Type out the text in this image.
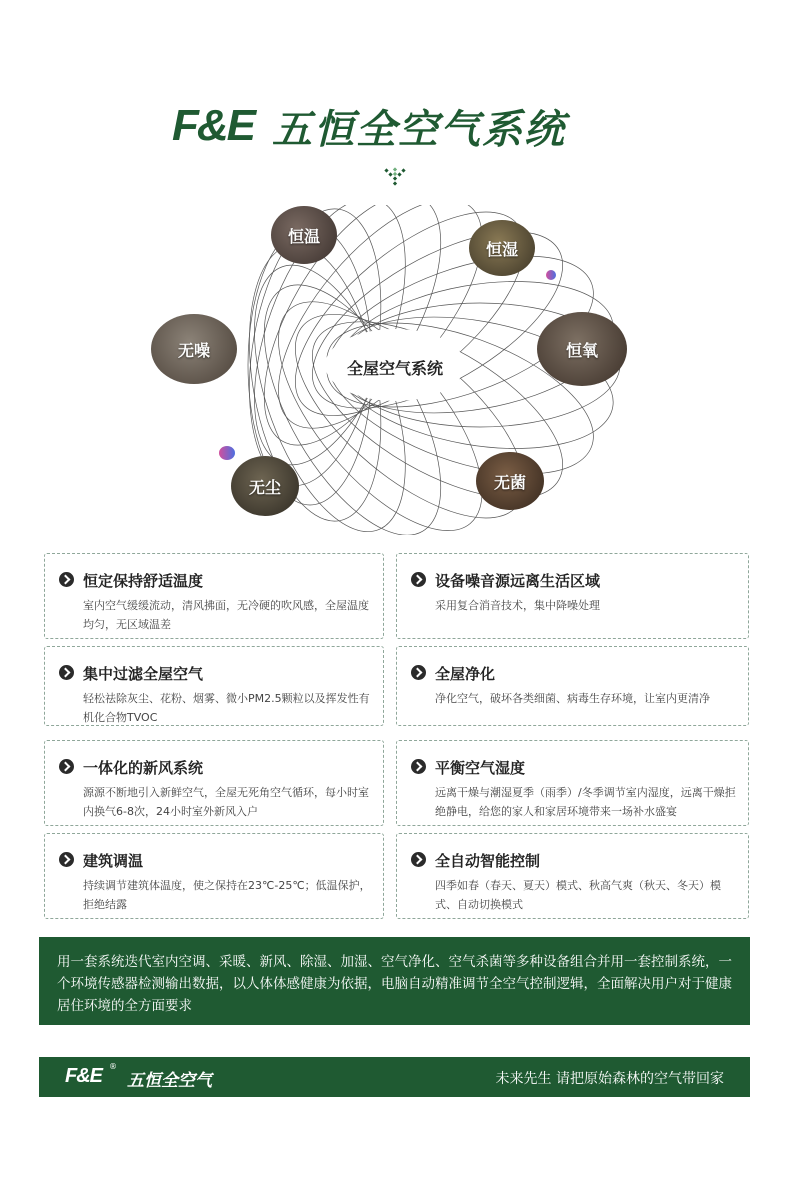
F&E 五恒全空气系统
全屋空气系统
恒温
恒湿
无噪	恒氧
无尘	无菌
恒定保持舒适温度
室内空气缓缓流动，清风拂面，无冷硬的吹风感，全屋温度均匀，无区域温差
设备噪音源远离生活区域
采用复合消音技术，集中降噪处理
集中过滤全屋空气
轻松祛除灰尘、花粉、烟雾、微小PM2.5颗粒以及挥发性有机化合物TVOC
全屋净化
净化空气，破坏各类细菌、病毒生存环境，让室内更清净
一体化的新风系统
源源不断地引入新鲜空气，全屋无死角空气循环，每小时室内换气6-8次，24小时室外新风入户
平衡空气湿度
远离干燥与潮湿夏季（雨季）/冬季调节室内湿度，远离干燥拒绝静电，给您的家人和家居环境带来一场补水盛宴
建筑调温
持续调节建筑体温度，使之保持在23℃-25℃；低温保护，拒绝结露
全自动智能控制
四季如春（春天、夏天）模式、秋高气爽（秋天、冬天）模式、自动切换模式
用一套系统迭代室内空调、采暖、新风、除湿、加湿、空气净化、空气杀菌等多种设备组合并用一套控制系统，一个环境传感器检测输出数据，以人体体感健康为依据，电脑自动精准调节全空气控制逻辑，全面解决用户对于健康居住环境的全方面要求
F&E ®
五恒全空气	未来先生 请把原始森林的空气带回家
